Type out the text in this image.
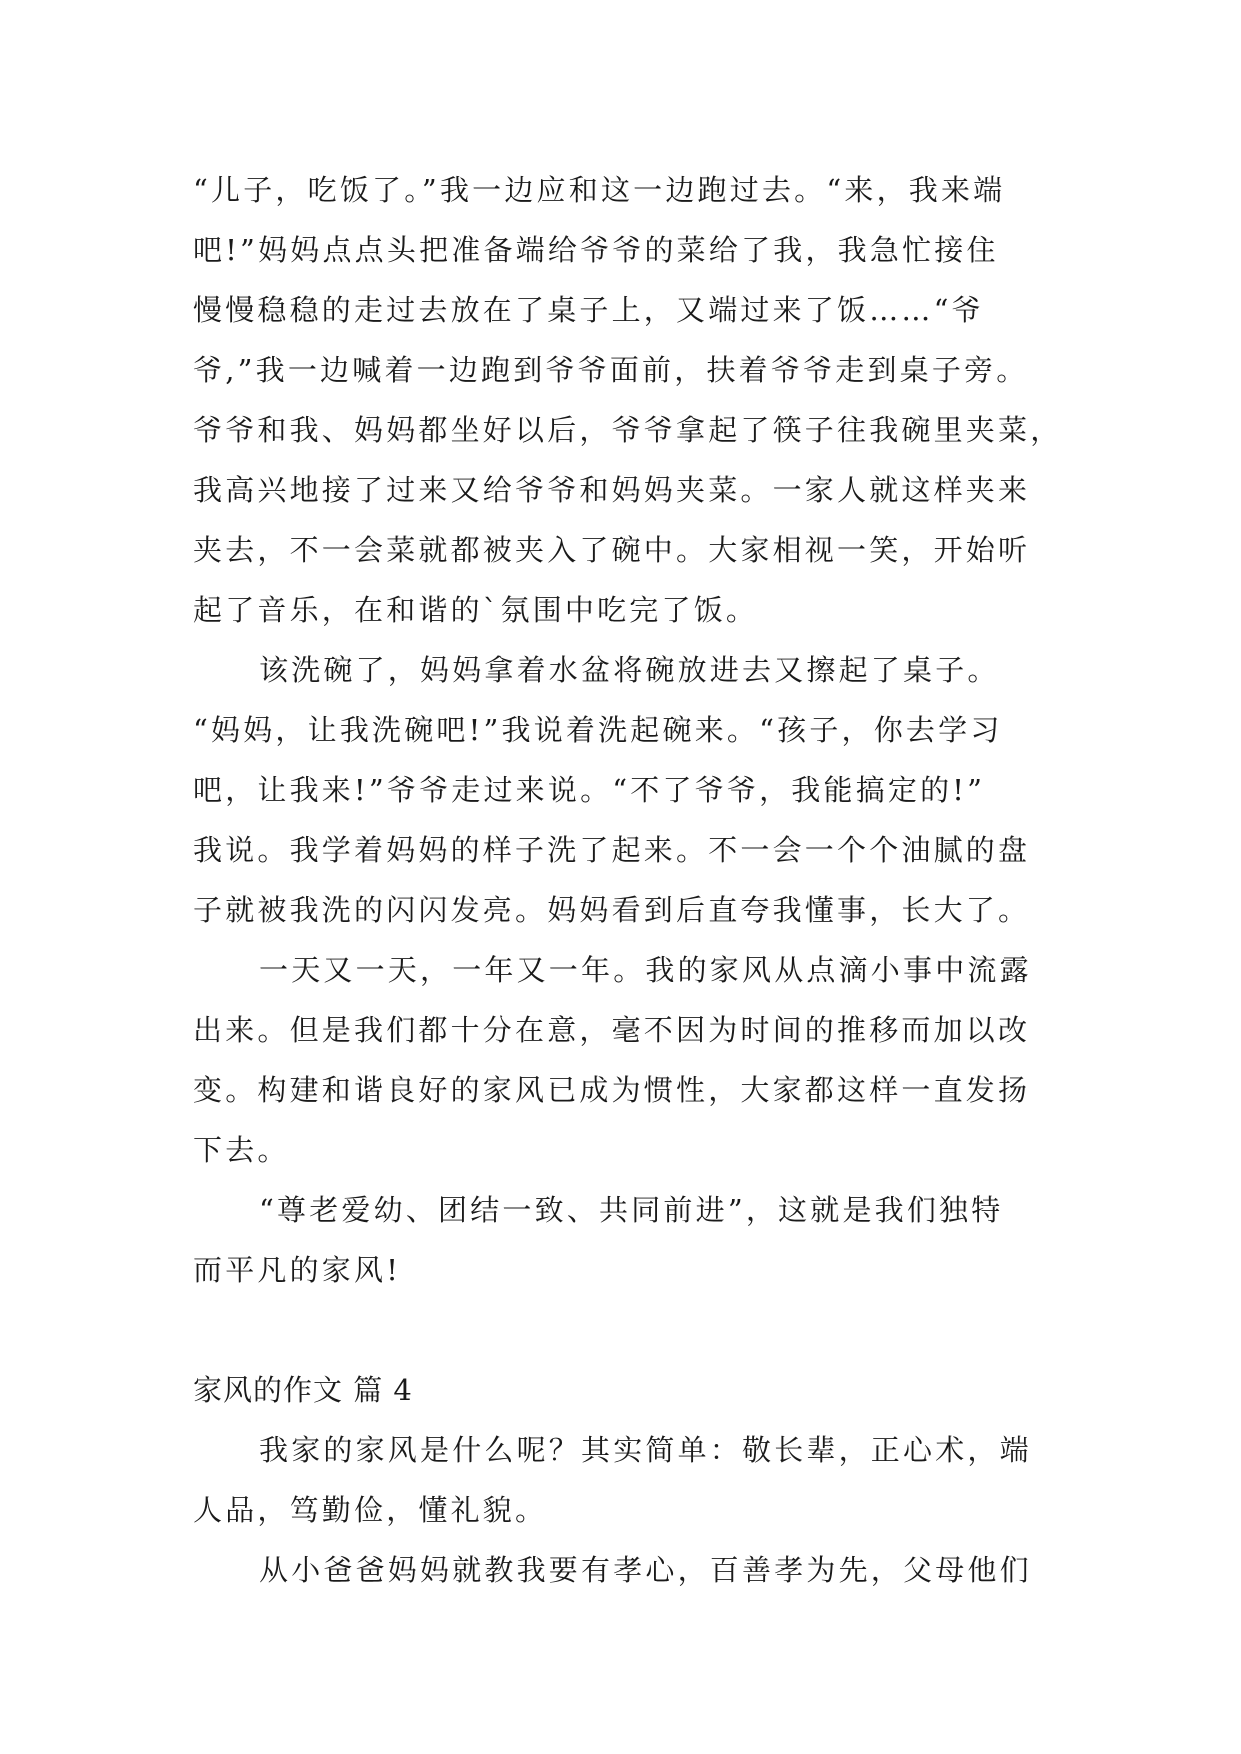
“儿子，吃饭了。”我一边应和这一边跑过去。“来，我来端
吧!”妈妈点点头把准备端给爷爷的菜给了我，我急忙接住
慢慢稳稳的走过去放在了桌子上，又端过来了饭……“爷
爷,”我一边喊着一边跑到爷爷面前，扶着爷爷走到桌子旁。
爷爷和我、妈妈都坐好以后，爷爷拿起了筷子往我碗里夹菜，
我高兴地接了过来又给爷爷和妈妈夹菜。一家人就这样夹来
夹去，不一会菜就都被夹入了碗中。大家相视一笑，开始听
起了音乐，在和谐的`氛围中吃完了饭。
该洗碗了，妈妈拿着水盆将碗放进去又擦起了桌子。
“妈妈，让我洗碗吧!”我说着洗起碗来。“孩子，你去学习
吧，让我来!”爷爷走过来说。“不了爷爷，我能搞定的!”
我说。我学着妈妈的样子洗了起来。不一会一个个油腻的盘
子就被我洗的闪闪发亮。妈妈看到后直夸我懂事，长大了。
一天又一天，一年又一年。我的家风从点滴小事中流露
出来。但是我们都十分在意，毫不因为时间的推移而加以改
变。构建和谐良好的家风已成为惯性，大家都这样一直发扬
下去。
“尊老爱幼、团结一致、共同前进”，这就是我们独特
而平凡的家风!
家风的作文 篇 4
我家的家风是什么呢？其实简单：敬长辈，正心术，端
人品，笃勤俭，懂礼貌。
从小爸爸妈妈就教我要有孝心，百善孝为先，父母他们
